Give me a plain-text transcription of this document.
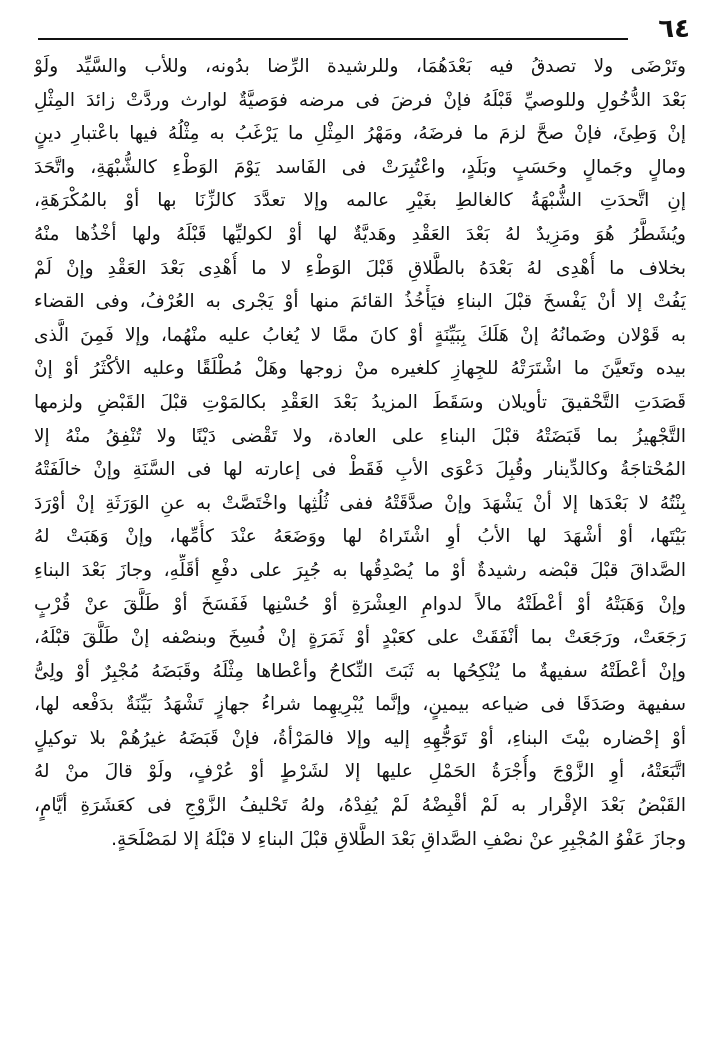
٦٤
وتَرْضَى ولا تصدقُ فيه بَعْدَهُمَا، وللرشيدة الرِّضا بدُونه، وللأب والسَّيِّد ولَوْ
بَعْدَ الدُّخُولِ وللوصيِّ قَبْلَهُ فإنْ فرضَ فى مرضه فوَصيَّةٌ لوارث وردَّتْ زائدَ المِثْلِ
إنْ وَطِئَ، فإنْ صحَّ لزمَ ما فرضَهُ، ومَهْرُ المِثْلِ ما يَرْغَبُ به مِثْلُهُ فيها باعْتبارِ دينٍ
ومالٍ وجَمالٍ وحَسَبٍ وبَلَدٍ، واعْتُبِرَتْ فى الفَاسد يَوْمَ الوَطْءِ كالشُّبْهَةِ، واتَّحَدَ
إنِ اتَّحدَتِ الشُّبْهَةُ كالغالطِ بغَيْرِ عالمه وإلا تعدَّدَ كالزِّنَا بها أوْ بالمُكْرَهَةِ،
ويُشَطَّرُ هُوَ ومَزِيدٌ لهُ بَعْدَ العَقْدِ وهَديَّةٌ لها أوْ لكوليِّها قَبْلَهُ ولها أخْذُها منْهُ
بخلاف ما أُهْدِى لهُ بَعْدَهُ بالطَّلاقِ قَبْلَ الوَطْءِ لا ما أُهْدِى بَعْدَ العَقْدِ وإنْ لَمْ
يَفُتْ إلا أنْ يَفْسخَ قبْلَ البناءِ فيَأْخُذُ القائمَ منها أوْ يَجْرى به العُرْفُ، وفى القضاء
به قَوْلان وضَمانُهُ إنْ هَلَكَ بِبَيِّنَةٍ أوْ كانَ ممَّا لا يُغابُ عليه منْهُما، وإلا فَمِنَ الَّذى
بيده وتَعيَّنَ ما اشْتَرَتْهُ للجِهازِ كلغيره منْ زوجها وهَلْ مُطْلَقًا وعليه الأكْثَرُ أوْ إنْ
قَصَدَتِ التَّحْقيقَ تأويلان وسَقَطَ المزيدُ بَعْدَ العَقْدِ بكالمَوْتِ قبْلَ القَبْضِ ولزمها
التَّجْهيزُ بما قَبَضَتْهُ قبْلَ البناءِ على العادة، ولا تَقْضى دَيْنًا ولا تُنْفِقُ منْهُ إلا
المُحْتاجَةُ وكالدِّينار وقُبِلَ دَعْوَى الأبِ فَقَطْ فى إعارته لها فى السَّنَةِ وإنْ خالَفَتْهُ
بِنْتُهُ لا بَعْدَها إلا أنْ يَشْهَدَ وإنْ صدَّقَتْهُ ففى ثُلُثِها واخْتَصَّتْ به عنِ الوَرَثَةِ إنْ أوْرَدَ
بَيْتَها، أوْ أشْهَدَ لها الأبُ أوِ اشْتَراهُ لها ووَضَعَهُ عنْدَ كأُمِّها، وإنْ وَهَبَتْ لهُ
الصَّداقَ قبْلَ قبْضه رشيدةٌ أوْ ما يُصْدِقُها به جُبِرَ على دفْعِ أقَلِّهِ، وجازَ بَعْدَ البناءِ
وإنْ وَهَبَتْهُ أوْ أعْطَتْهُ مالاً لدوامِ العِشْرَةِ أوْ حُسْنِها فَفَسَخَ أوْ طَلَّقَ عنْ قُرْبٍ
رَجَعَتْ، ورَجَعَتْ بما أنْفَقَتْ على كعَبْدٍ أوْ ثَمَرَةٍ إنْ فُسِخَ وبنصْفه إنْ طَلَّقَ قبْلَهُ،
وإنْ أعْطَتْهُ سفيهةٌ ما يُنْكِحُها به ثَبَتَ النِّكاحُ وأعْطاها مِثْلَهُ وقَبَضَهُ مُجْبِرٌ أوْ ولِىُّ
سفيهة وصَدَقَا فى ضياعه بيمينٍ، وإنَّما يُبْرِيهِما شراءُ جهازٍ تَشْهَدُ بَيِّنَةٌ بدَفْعه لها،
أوْ إحْضاره بيْتَ البناءِ، أوْ تَوَجُّهِهِ إليه وإلا فالمَرْأةُ، فإنْ قَبَضَهُ غيرُهُمْ بلا توكيلٍ
اتَّبَعَتْهُ، أوِ الزَّوْجَ وأُجْرَةُ الحَمْلِ عليها إلا لشَرْطٍ أوْ عُرْفٍ، ولَوْ قالَ منْ لهُ
القَبْضُ بَعْدَ الإقْرار به لَمْ أقْبِضْهُ لَمْ يُفِدْهُ، ولهُ تَحْليفُ الزَّوْجِ فى كعَشَرَةِ أيَّامٍ،
وجازَ عَفْوُ المُجْبِرِ عنْ نصْفِ الصَّداقِ بَعْدَ الطَّلاقِ قبْلَ البناءِ لا قبْلَهُ إلا لمَصْلَحَةٍ.
